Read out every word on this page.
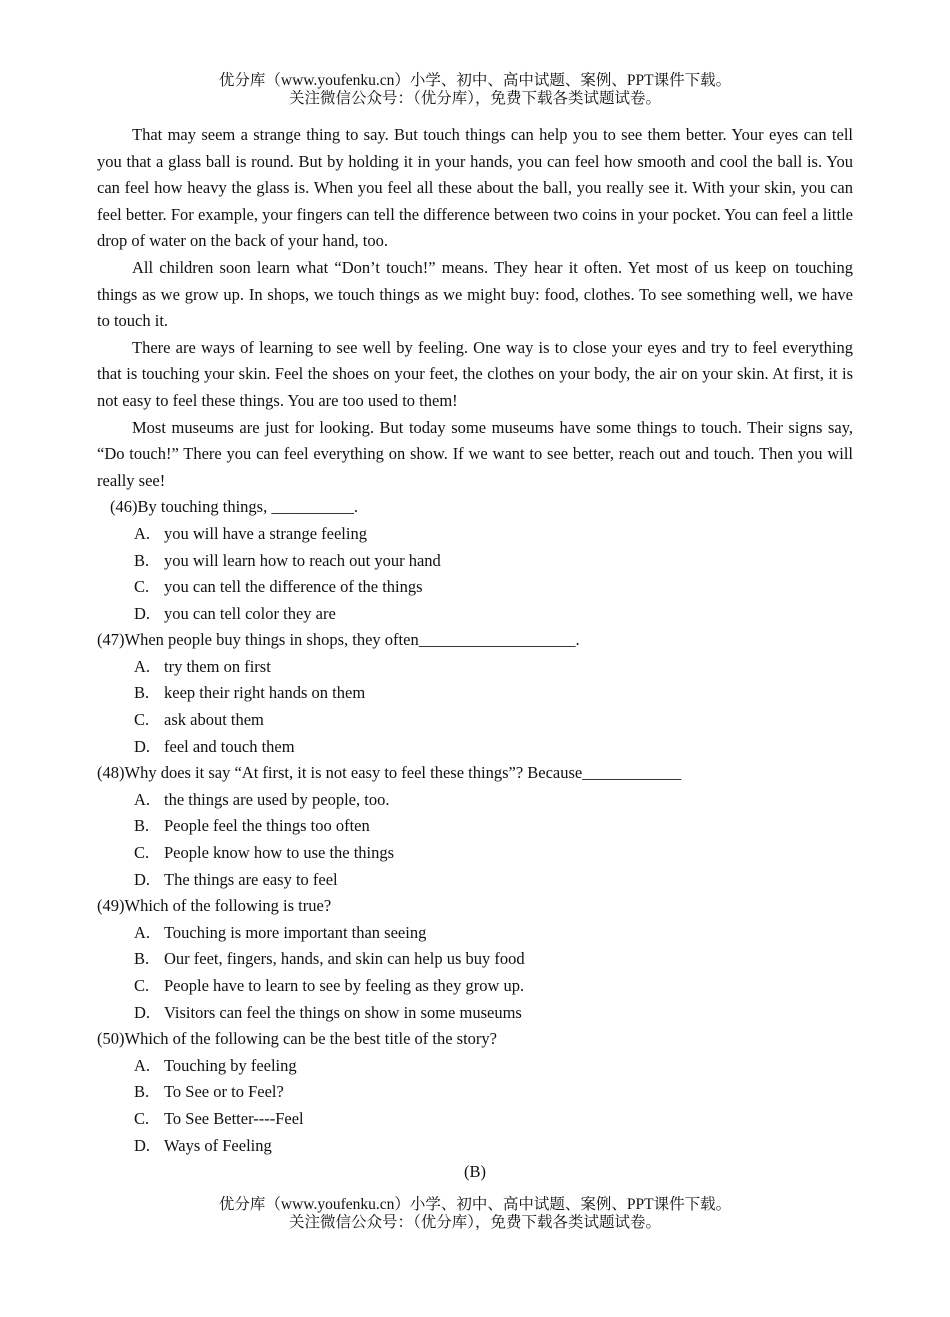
优分库（www.youfenku.cn）小学、初中、高中试题、案例、PPT课件下载。
关注微信公众号：（优分库），免费下载各类试题试卷。

That may seem a strange thing to say. But touch things can help you to see them better. Your eyes can tell you that a glass ball is round. But by holding it in your hands, you can feel how smooth and cool the ball is. You can feel how heavy the glass is. When you feel all these about the ball, you really see it. With your skin, you can feel better. For example, your fingers can tell the difference between two coins in your pocket. You can feel a little drop of water on the back of your hand, too.

All children soon learn what “Don’t touch!” means. They hear it often. Yet most of us keep on touching things as we grow up. In shops, we touch things as we might buy: food, clothes. To see something well, we have to touch it.

There are ways of learning to see well by feeling. One way is to close your eyes and try to feel everything that is touching your skin. Feel the shoes on your feet, the clothes on your body, the air on your skin. At first, it is not easy to feel these things. You are too used to them!

Most museums are just for looking. But today some museums have some things to touch. Their signs say, “Do touch!” There you can feel everything on show. If we want to see better, reach out and touch. Then you will really see!

(46)By touching things, __________.

A. you will have a strange feeling

B. you will learn how to reach out your hand

C. you can tell the difference of the things

D. you can tell color they are

(47)When people buy things in shops, they often___________________.

A. try them on first

B. keep their right hands on them

C. ask about them

D. feel and touch them

(48)Why does it say “At first, it is not easy to feel these things”? Because____________

A. the things are used by people, too.

B. People feel the things too often

C. People know how to use the things

D. The things are easy to feel

(49)Which of the following is true?

A. Touching is more important than seeing

B. Our feet, fingers, hands, and skin can help us buy food

C. People have to learn to see by feeling as they grow up.

D. Visitors can feel the things on show in some museums

(50)Which of the following can be the best title of the story?

A. Touching by feeling

B. To See or to Feel?

C. To See Better----Feel

D. Ways of Feeling

(B)

优分库（www.youfenku.cn）小学、初中、高中试题、案例、PPT课件下载。
关注微信公众号：（优分库），免费下载各类试题试卷。
